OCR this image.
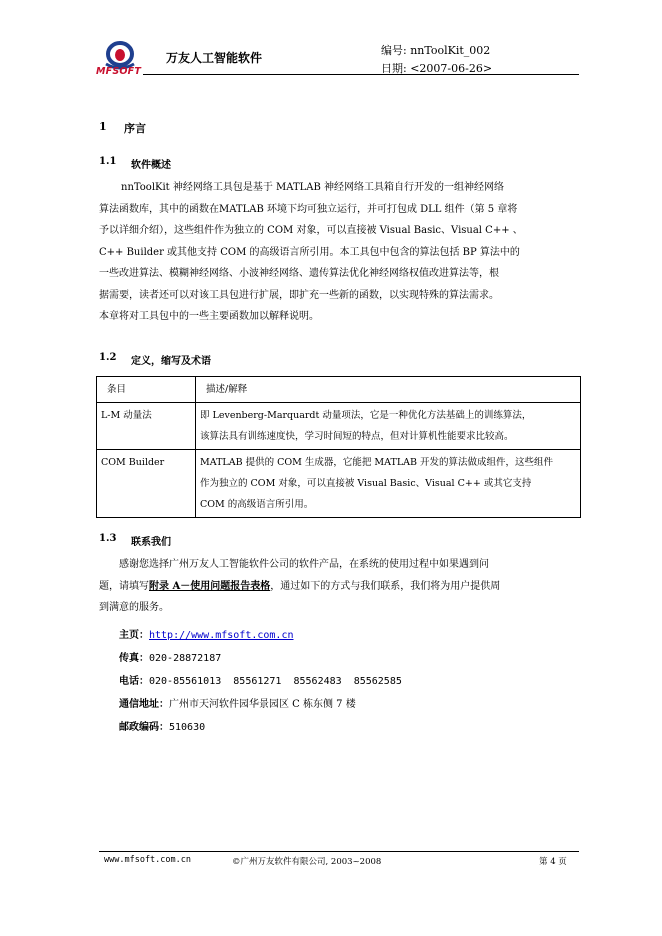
MFSOFT
万友人工智能软件
编号: nnToolKit_002
日期: <2007-06-26>
1 序言
1.1 软件概述
nnToolKit 神经网络工具包是基于 MATLAB 神经网络工具箱自行开发的一组神经网络
算法函数库，其中的函数在MATLAB 环境下均可独立运行，并可打包成 DLL 组件（第 5 章将
予以详细介绍），这些组件作为独立的 COM 对象，可以直接被 Visual Basic、Visual C++ 、
C++ Builder 或其他支持 COM 的高级语言所引用。本工具包中包含的算法包括 BP 算法中的
一些改进算法、模糊神经网络、小波神经网络、遗传算法优化神经网络权值改进算法等，根
据需要，读者还可以对该工具包进行扩展，即扩充一些新的函数，以实现特殊的算法需求。
本章将对工具包中的一些主要函数加以解释说明。
1.2 定义，缩写及术语
条目	描述/解释
L-M 动量法	即 Levenberg-Marquardt 动量项法，它是一种优化方法基础上的训练算法，
该算法具有训练速度快，学习时间短的特点，但对计算机性能要求比较高。

COM Builder	MATLAB 提供的 COM 生成器，它能把 MATLAB 开发的算法做成组件，这些组件
作为独立的 COM 对象，可以直接被 Visual Basic、Visual C++ 或其它支持
COM 的高级语言所引用。
1.3 联系我们
感谢您选择广州万友人工智能软件公司的软件产品，在系统的使用过程中如果遇到问
题，请填写附录 A－使用问题报告表格，通过如下的方式与我们联系，我们将为用户提供周
到满意的服务。
主页：http://www.mfsoft.com.cn
传真：020-28872187
电话：020-85561013  85561271  85562483  85562585
通信地址：广州市天河软件园华景园区 C 栋东侧 7 楼
邮政编码：510630
www.mfsoft.com.cn	©广州万友软件有限公司, 2003~2008	第 4 页
